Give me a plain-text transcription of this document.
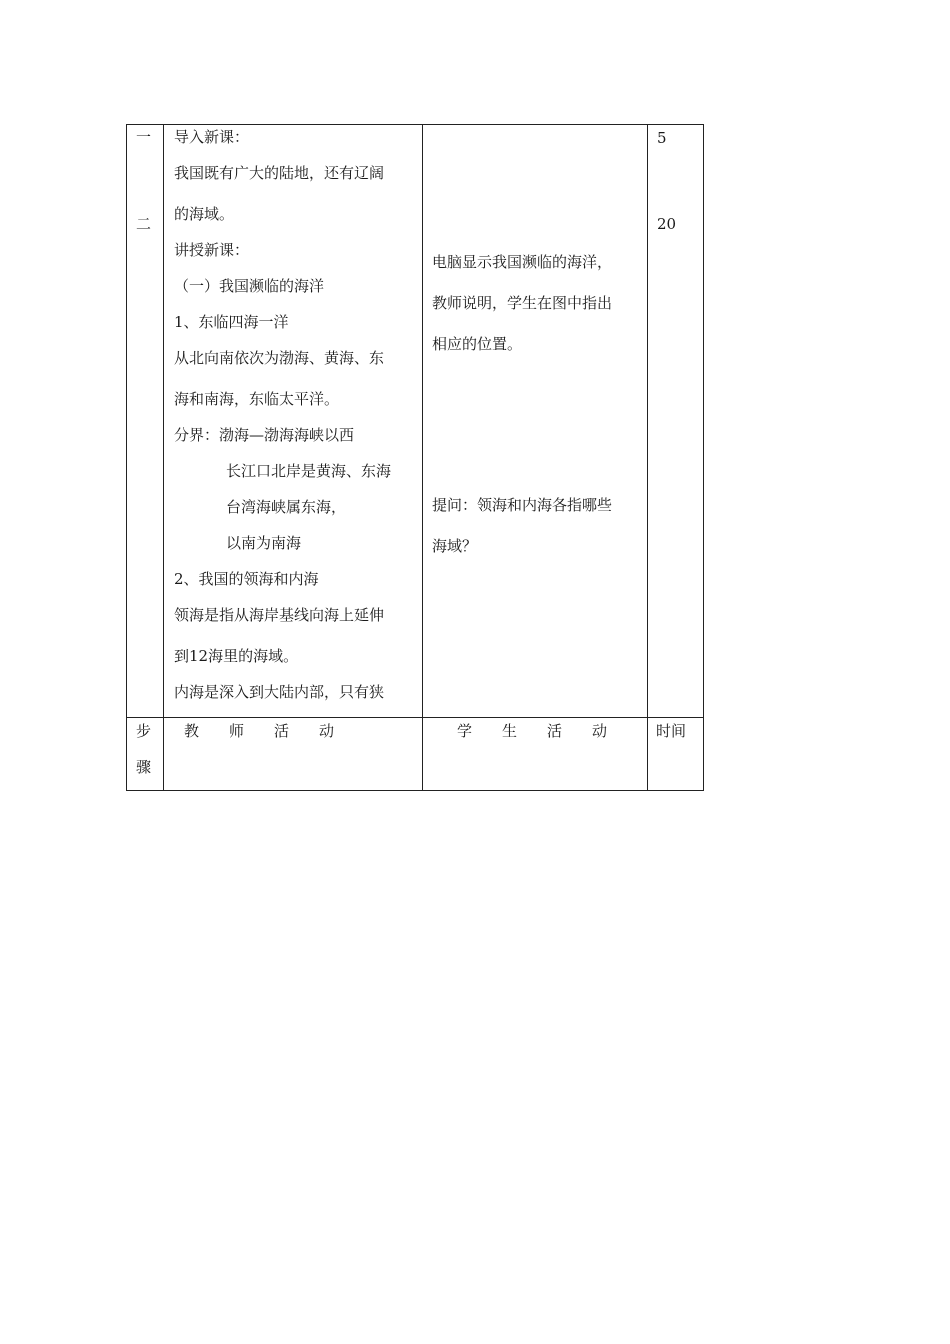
一
二
导入新课：
我国既有广大的陆地，还有辽阔
的海域。
讲授新课：
（一）我国濒临的海洋
1、东临四海一洋
从北向南依次为渤海、黄海、东
海和南海，东临太平洋。
分界：渤海—渤海海峡以西
长江口北岸是黄海、东海
台湾海峡属东海，
以南为南海
2、我国的领海和内海
领海是指从海岸基线向海上延伸
到12海里的海域。
内海是深入到大陆内部，只有狭
电脑显示我国濒临的海洋，
教师说明，学生在图中指出
相应的位置。
提问：领海和内海各指哪些
海域？
5
20
步
骤
教　　师　　活　　动	学　　生　　活　　动	时间
